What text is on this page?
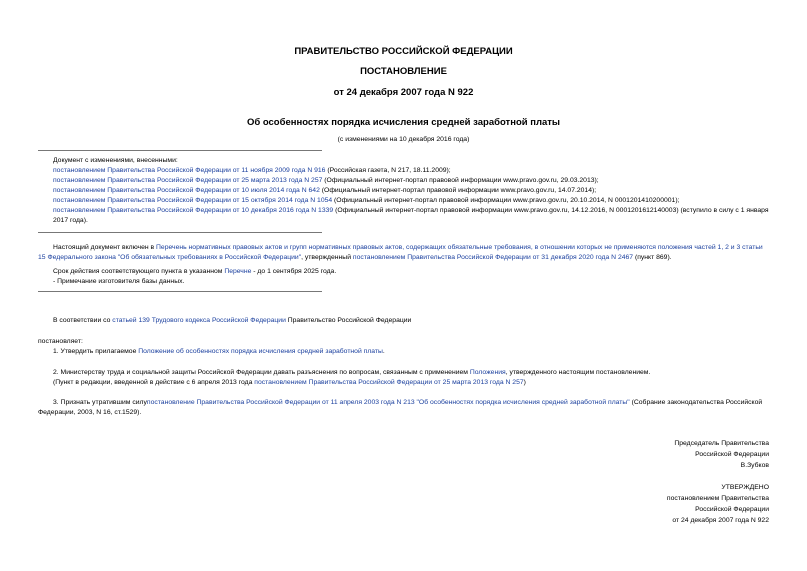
ПРАВИТЕЛЬСТВО РОССИЙСКОЙ ФЕДЕРАЦИИ
ПОСТАНОВЛЕНИЕ
от 24 декабря 2007 года N 922
Об особенностях порядка исчисления средней заработной платы
(с изменениями на 10 декабря 2016 года)
Документ с изменениями, внесенными:
постановлением Правительства Российской Федерации от 11 ноября 2009 года N 916 (Российская газета, N 217, 18.11.2009);
постановлением Правительства Российской Федерации от 25 марта 2013 года N 257 (Официальный интернет-портал правовой информации www.pravo.gov.ru, 29.03.2013);
постановлением Правительства Российской Федерации от 10 июля 2014 года N 642 (Официальный интернет-портал правовой информации www.pravo.gov.ru, 14.07.2014);
постановлением Правительства Российской Федерации от 15 октября 2014 года N 1054 (Официальный интернет-портал правовой информации www.pravo.gov.ru, 20.10.2014, N 0001201410200001);
постановлением Правительства Российской Федерации от 10 декабря 2016 года N 1339 (Официальный интернет-портал правовой информации www.pravo.gov.ru, 14.12.2016, N 0001201612140003) (вступило в силу с 1 января 2017 года).
Настоящий документ включен в Перечень нормативных правовых актов и групп нормативных правовых актов, содержащих обязательные требования, в отношении которых не применяются положения частей 1, 2 и 3 статьи 15 Федерального закона "Об обязательных требованиях в Российской Федерации", утвержденный постановлением Правительства Российской Федерации от 31 декабря 2020 года N 2467 (пункт 869).
Срок действия соответствующего пункта в указанном Перечне - до 1 сентября 2025 года.
- Примечание изготовителя базы данных.
В соответствии со статьей 139 Трудового кодекса Российской Федерации Правительство Российской Федерации
постановляет:
1. Утвердить прилагаемое Положение об особенностях порядка исчисления средней заработной платы.
2. Министерству труда и социальной защиты Российской Федерации давать разъяснения по вопросам, связанным с применением Положения, утвержденного настоящим постановлением.
(Пункт в редакции, введенной в действие с 6 апреля 2013 года постановлением Правительства Российской Федерации от 25 марта 2013 года N 257)
3. Признать утратившим силупостановление Правительства Российской Федерации от 11 апреля 2003 года N 213 "Об особенностях порядка исчисления средней заработной платы" (Собрание законодательства Российской Федерации, 2003, N 16, ст.1529).
Председатель Правительства
Российской Федерации
В.Зубков
УТВЕРЖДЕНО
постановлением Правительства
Российской Федерации
от 24 декабря 2007 года N 922
